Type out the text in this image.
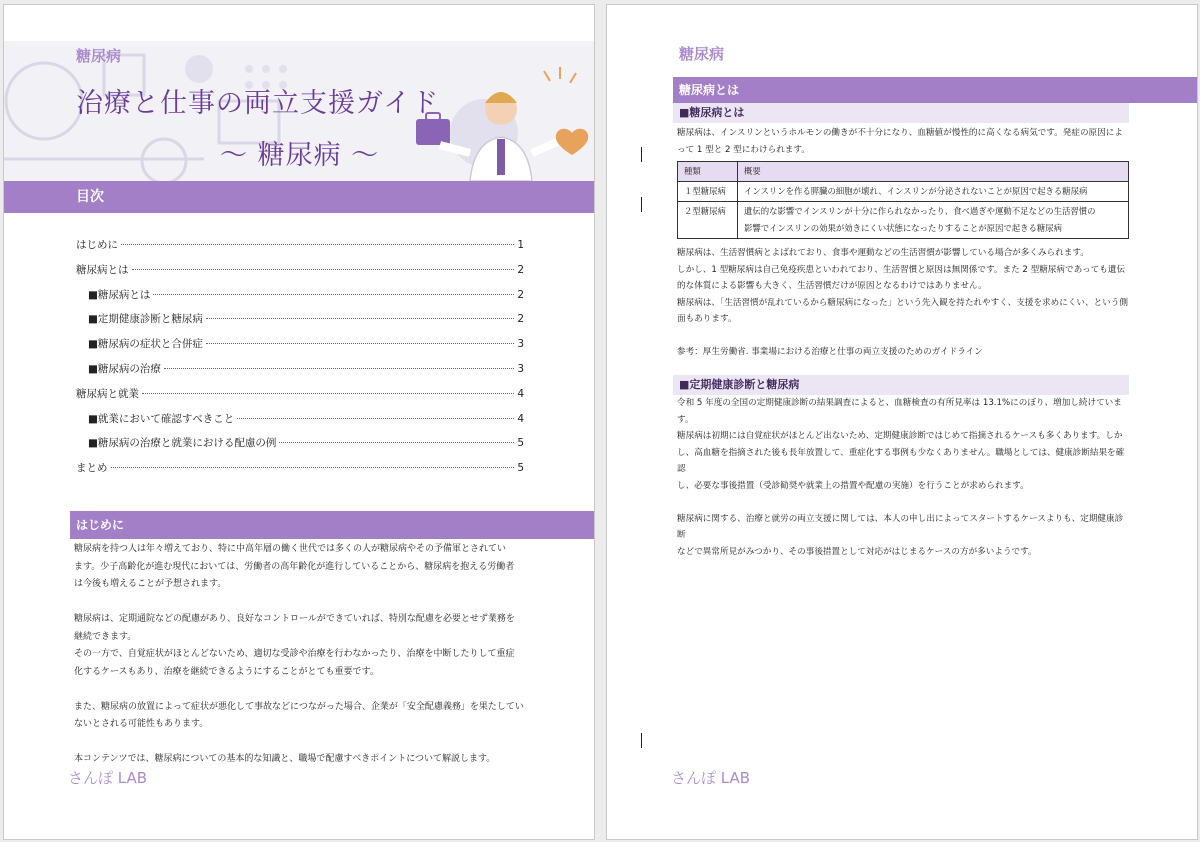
糖尿病
治療と仕事の両立支援ガイド
～ 糖尿病 ～
目次
はじめに	1
糖尿病とは	2
■糖尿病とは	2
■定期健康診断と糖尿病	2
■糖尿病の症状と合併症	3
■糖尿病の治療	3
糖尿病と就業	4
■就業において確認すべきこと	4
■糖尿病の治療と就業における配慮の例	5
まとめ	5
はじめに

糖尿病を持つ人は年々増えており、特に中高年層の働く世代では多くの人が糖尿病やその予備軍とされてい

ます。少子高齢化が進む現代においては、労働者の高年齢化が進行していることから、糖尿病を抱える労働者

は今後も増えることが予想されます。

糖尿病は、定期通院などの配慮があり、良好なコントロールができていれば、特別な配慮を必要とせず業務を

継続できます。

その一方で、自覚症状がほとんどないため、適切な受診や治療を行わなかったり、治療を中断したりして重症

化するケースもあり、治療を継続できるようにすることがとても重要です。

また、糖尿病の放置によって症状が悪化して事故などにつながった場合、企業が「安全配慮義務」を果たしてい

ないとされる可能性もあります。

本コンテンツでは、糖尿病についての基本的な知識と、職場で配慮すべきポイントについて解説します。

さんぽ LAB
糖尿病
糖尿病とは
■糖尿病とは

糖尿病は、インスリンというホルモンの働きが不十分になり、血糖値が慢性的に高くなる病気です。発症の原因によ

って 1 型と 2 型にわけられます。

種類	概要
１型糖尿病	インスリンを作る膵臓の細胞が壊れ、インスリンが分泌されないことが原因で起きる糖尿病

２型糖尿病	遺伝的な影響でインスリンが十分に作られなかったり、食べ過ぎや運動不足などの生活習慣の
影響でインスリンの効果が効きにくい状態になったりすることが原因で起きる糖尿病

糖尿病は、生活習慣病とよばれており、食事や運動などの生活習慣が影響している場合が多くみられます。

しかし、1 型糖尿病は自己免疫疾患といわれており、生活習慣と原因は無関係です。また 2 型糖尿病であっても遺伝

的な体質による影響も大きく、生活習慣だけが原因となるわけではありません。

糖尿病は、「生活習慣が乱れているから糖尿病になった」という先入観を持たれやすく、支援を求めにくい、という側

面もあります。

参考：厚生労働省. 事業場における治療と仕事の両立支援のためのガイドライン

■定期健康診断と糖尿病

令和 5 年度の全国の定期健康診断の結果調査によると、血糖検査の有所見率は 13.1%にのぼり、増加し続けていま

す。

糖尿病は初期には自覚症状がほとんど出ないため、定期健康診断ではじめて指摘されるケースも多くあります。しか

し、高血糖を指摘された後も長年放置して、重症化する事例も少なくありません。職場としては、健康診断結果を確認

し、必要な事後措置（受診勧奨や就業上の措置や配慮の実施）を行うことが求められます。

糖尿病に関する、治療と就労の両立支援に関しては、本人の申し出によってスタートするケースよりも、定期健康診断

などで異常所見がみつかり、その事後措置として対応がはじまるケースの方が多いようです。

さんぽ LAB
